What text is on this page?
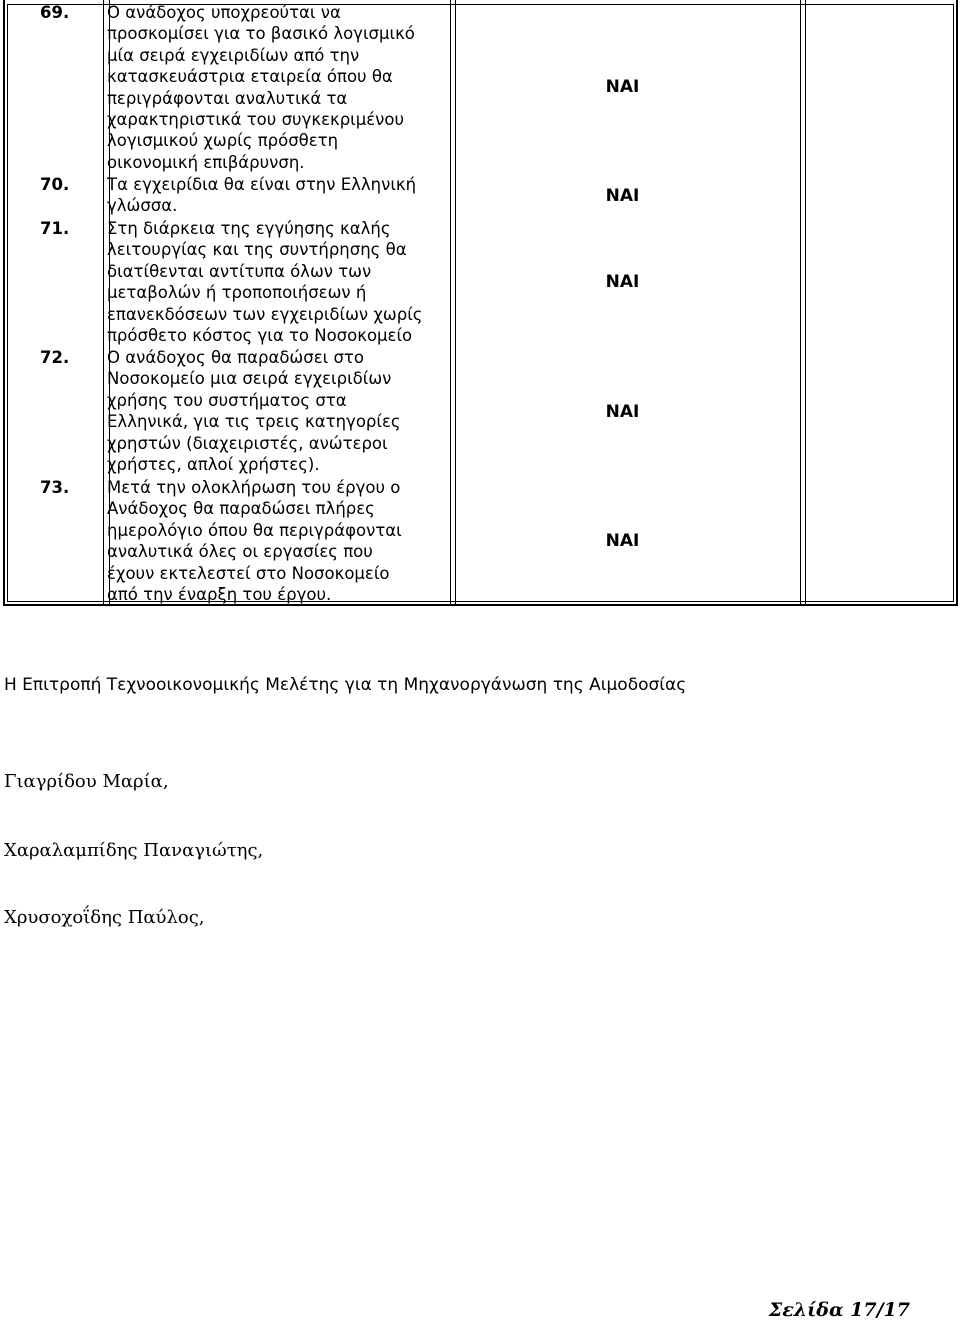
69. Ο ανάδοχος υποχρεούται να
προσκομίσει για το βασικό λογισμικό
μία σειρά εγχειριδίων από την
κατασκευάστρια εταιρεία όπου θα
περιγράφονται αναλυτικά τα
χαρακτηριστικά του συγκεκριμένου
λογισμικού χωρίς πρόσθετη
οικονομική επιβάρυνση.
ΝΑΙ
70. Τα εγχειρίδια θα είναι στην Ελληνική
γλώσσα.	ΝΑΙ
71. Στη διάρκεια της εγγύησης καλής
λειτουργίας και της συντήρησης θα
διατίθενται αντίτυπα όλων των
μεταβολών ή τροποποιήσεων ή
επανεκδόσεων των εγχειριδίων χωρίς
πρόσθετο κόστος για το Νοσοκομείο
ΝΑΙ
72. Ο ανάδοχος θα παραδώσει στο
Νοσοκομείο μια σειρά εγχειριδίων
χρήσης του συστήματος στα
Ελληνικά, για τις τρεις κατηγορίες
χρηστών (διαχειριστές, ανώτεροι
χρήστες, απλοί χρήστες).
ΝΑΙ
73. Μετά την ολοκλήρωση του έργου ο
Ανάδοχος θα παραδώσει πλήρες
ημερολόγιο όπου θα περιγράφονται
αναλυτικά όλες οι εργασίες που
έχουν εκτελεστεί στο Νοσοκομείο
από την έναρξη του έργου.
ΝΑΙ
Η Επιτροπή Τεχνοοικονομικής Μελέτης για τη Μηχανοργάνωση της Αιμοδοσίας
Γιαγρίδου Μαρία,
Χαραλαμπίδης Παναγιώτης,
Χρυσοχοΐδης Παύλος,
Σελίδα 17/17
